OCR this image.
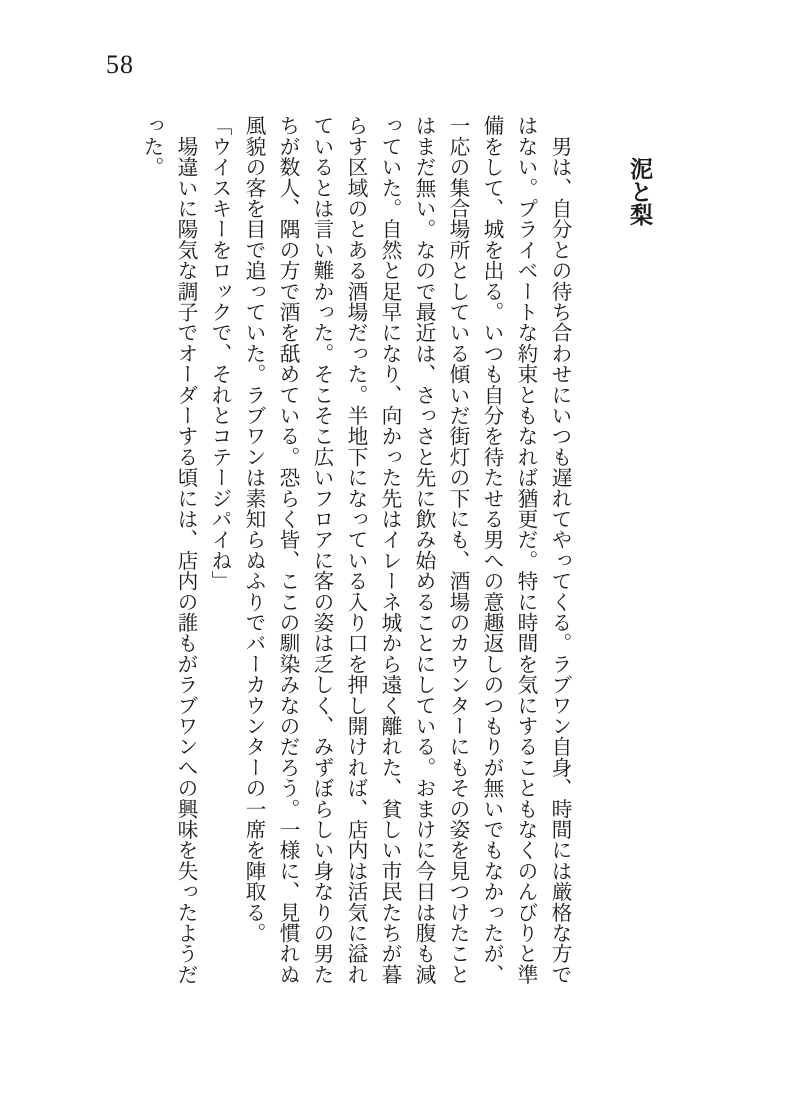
58
泥と梨

　男は、自分との待ち合わせにいつも遅れてやってくる。ラブワン自身、時間には厳格な方で

はない。プライベートな約束ともなれば猶更だ。特に時間を気にすることもなくのんびりと準

備をして、城を出る。いつも自分を待たせる男への意趣返しのつもりが無いでもなかったが、

一応の集合場所としている傾いだ街灯の下にも、酒場のカウンターにもその姿を見つけたこと

はまだ無い。なので最近は、さっさと先に飲み始めることにしている。おまけに今日は腹も減

っていた。自然と足早になり、向かった先はイレーネ城から遠く離れた、貧しい市民たちが暮

らす区域のとある酒場だった。半地下になっている入り口を押し開ければ、店内は活気に溢れ

ているとは言い難かった。そこそこ広いフロアに客の姿は乏しく、みずぼらしい身なりの男た

ちが数人、隅の方で酒を舐めている。恐らく皆、ここの馴染みなのだろう。一様に、見慣れぬ

風貌の客を目で追っていた。ラブワンは素知らぬふりでバーカウンターの一席を陣取る。

「ウイスキーをロックで、それとコテージパイね」

　場違いに陽気な調子でオーダーする頃には、店内の誰もがラブワンへの興味を失ったようだ

った。
